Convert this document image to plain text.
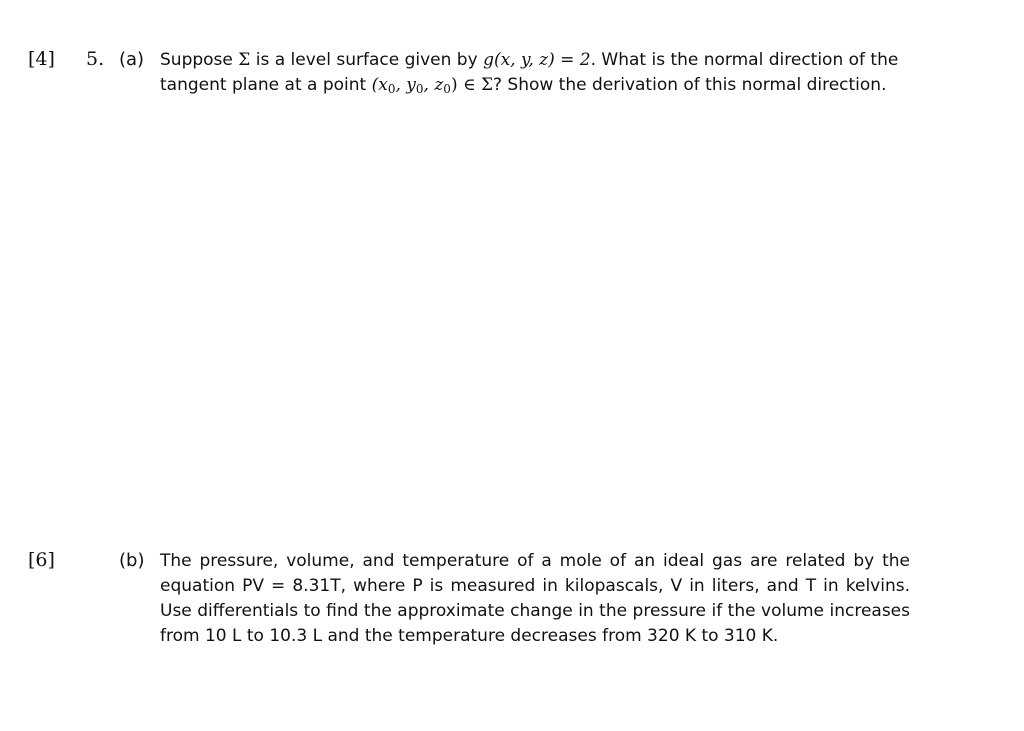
[4] 5. (a) Suppose Σ is a level surface given by g(x, y, z) = 2. What is the normal direction of the
tangent plane at a point ($x_0$, $y_0$, $z_0$) ∈ Σ? Show the derivation of this normal direction.
[6]	(b) The pressure, volume, and temperature of a mole of an ideal gas are related by the
equation PV = 8.31T, where P is measured in kilopascals, V in liters, and T in kelvins.
Use differentials to find the approximate change in the pressure if the volume increases
from 10 L to 10.3 L and the temperature decreases from 320 K to 310 K.
